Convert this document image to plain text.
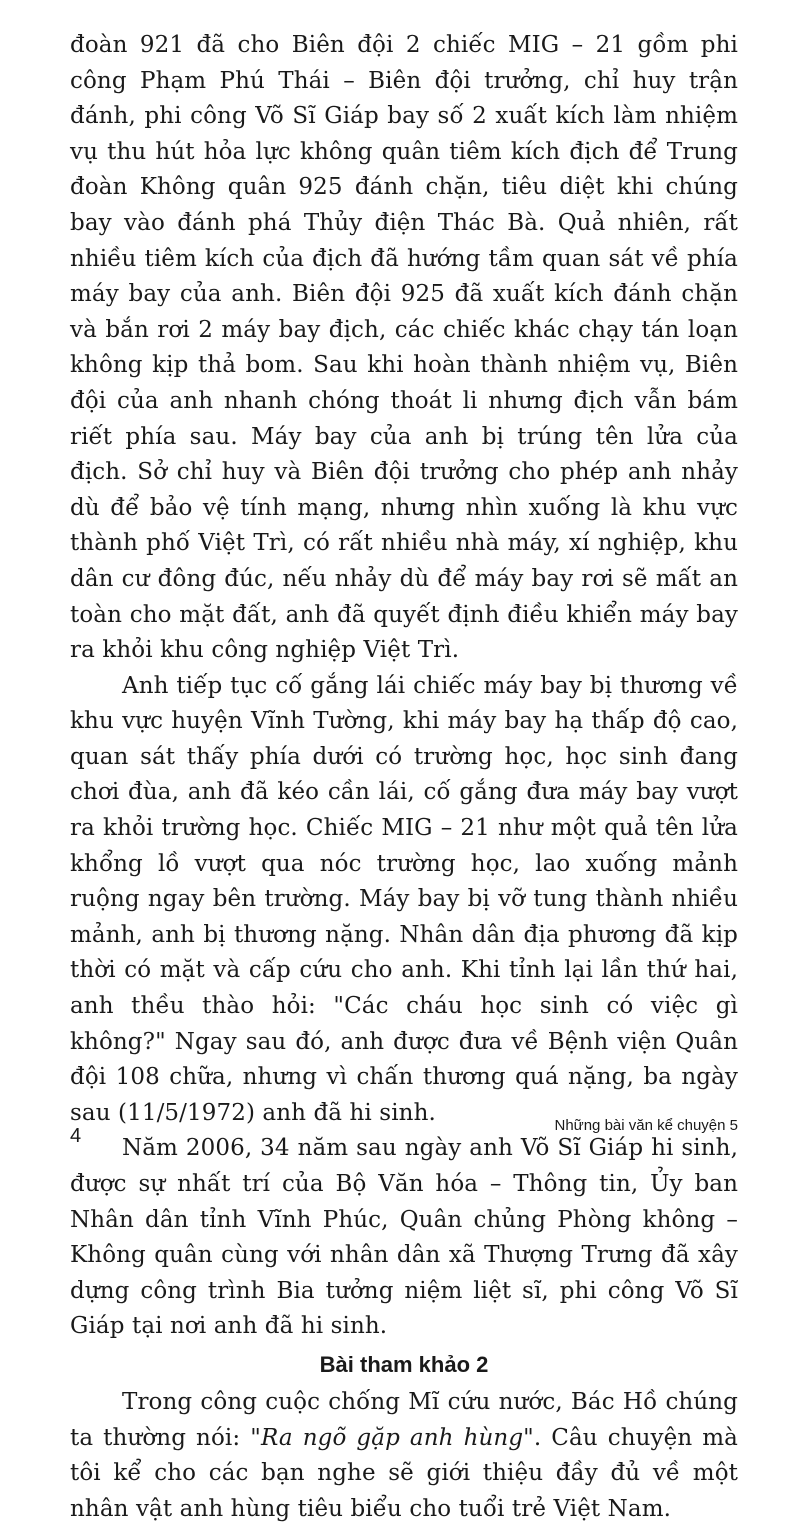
đoàn 921 đã cho Biên đội 2 chiếc MIG – 21 gồm phi công Phạm Phú Thái – Biên đội trưởng, chỉ huy trận đánh, phi công Võ Sĩ Giáp bay số 2 xuất kích làm nhiệm vụ thu hút hỏa lực không quân tiêm kích địch để Trung đoàn Không quân 925 đánh chặn, tiêu diệt khi chúng bay vào đánh phá Thủy điện Thác Bà. Quả nhiên, rất nhiều tiêm kích của địch đã hướng tầm quan sát về phía máy bay của anh. Biên đội 925 đã xuất kích đánh chặn và bắn rơi 2 máy bay địch, các chiếc khác chạy tán loạn không kịp thả bom. Sau khi hoàn thành nhiệm vụ, Biên đội của anh nhanh chóng thoát li nhưng địch vẫn bám riết phía sau. Máy bay của anh bị trúng tên lửa của địch. Sở chỉ huy và Biên đội trưởng cho phép anh nhảy dù để bảo vệ tính mạng, nhưng nhìn xuống là khu vực thành phố Việt Trì, có rất nhiều nhà máy, xí nghiệp, khu dân cư đông đúc, nếu nhảy dù để máy bay rơi sẽ mất an toàn cho mặt đất, anh đã quyết định điều khiển máy bay ra khỏi khu công nghiệp Việt Trì.

Anh tiếp tục cố gắng lái chiếc máy bay bị thương về khu vực huyện Vĩnh Tường, khi máy bay hạ thấp độ cao, quan sát thấy phía dưới có trường học, học sinh đang chơi đùa, anh đã kéo cần lái, cố gắng đưa máy bay vượt ra khỏi trường học. Chiếc MIG – 21 như một quả tên lửa khổng lồ vượt qua nóc trường học, lao xuống mảnh ruộng ngay bên trường. Máy bay bị vỡ tung thành nhiều mảnh, anh bị thương nặng. Nhân dân địa phương đã kịp thời có mặt và cấp cứu cho anh. Khi tỉnh lại lần thứ hai, anh thều thào hỏi: "Các cháu học sinh có việc gì không?" Ngay sau đó, anh được đưa về Bệnh viện Quân đội 108 chữa, nhưng vì chấn thương quá nặng, ba ngày sau (11/5/1972) anh đã hi sinh.

Năm 2006, 34 năm sau ngày anh Võ Sĩ Giáp hi sinh, được sự nhất trí của Bộ Văn hóa – Thông tin, Ủy ban Nhân dân tỉnh Vĩnh Phúc, Quân chủng Phòng không – Không quân cùng với nhân dân xã Thượng Trưng đã xây dựng công trình Bia tưởng niệm liệt sĩ, phi công Võ Sĩ Giáp tại nơi anh đã hi sinh.

Bài tham khảo 2

Trong công cuộc chống Mĩ cứu nước, Bác Hồ chúng ta thường nói: "Ra ngõ gặp anh hùng". Câu chuyện mà tôi kể cho các bạn nghe sẽ giới thiệu đầy đủ về một nhân vật anh hùng tiêu biểu cho tuổi trẻ Việt Nam.

4	Những bài văn kể chuyện 5
